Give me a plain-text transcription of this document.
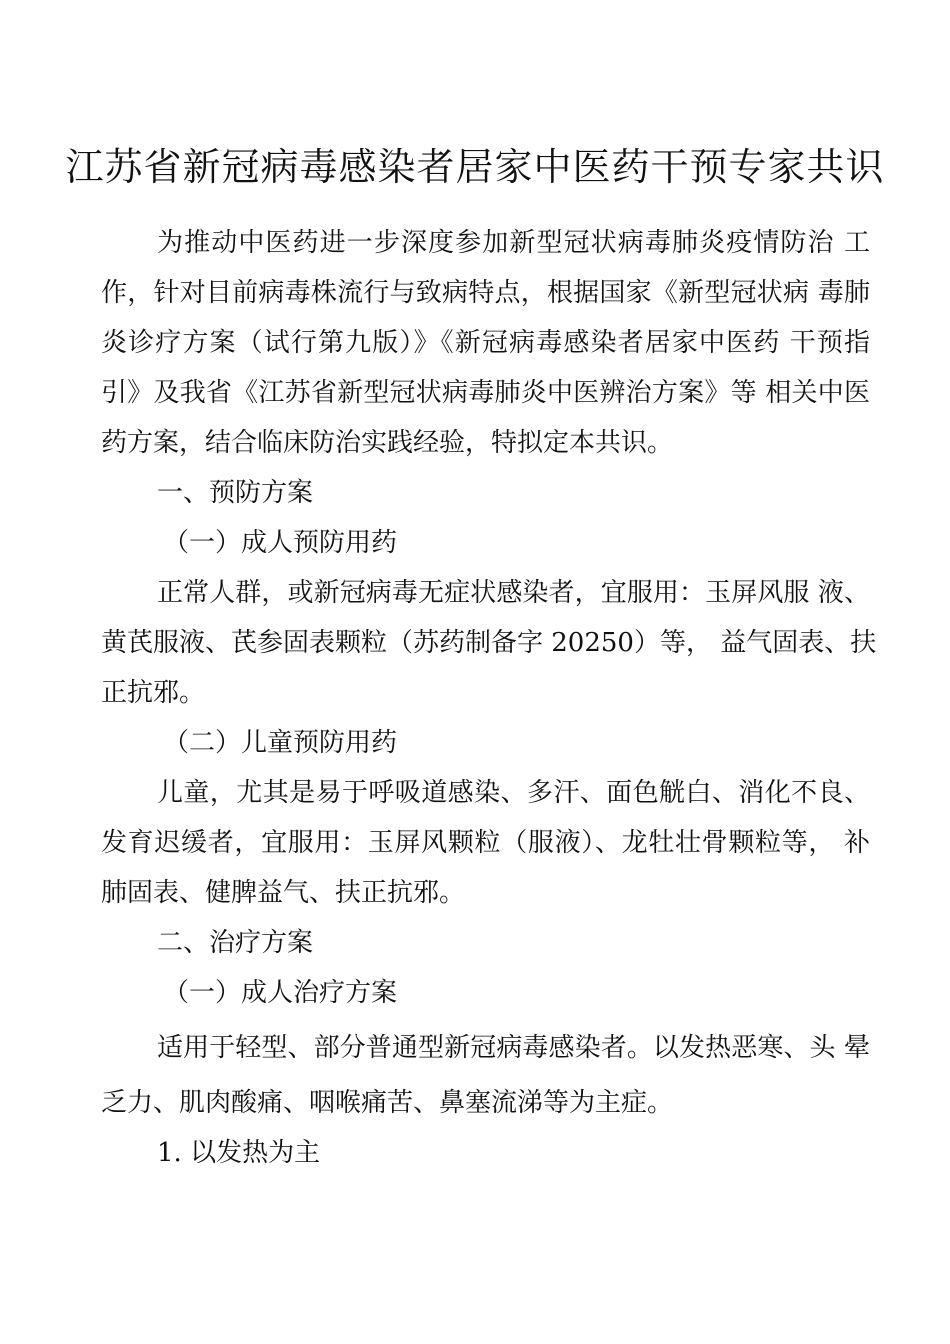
江苏省新冠病毒感染者居家中医药干预专家共识
为推动中医药进一步深度参加新型冠状病毒肺炎疫情防治 工
作，针对目前病毒株流行与致病特点，根据国家《新型冠状病 毒肺
炎诊疗方案（试行第九版）》《新冠病毒感染者居家中医药 干预指
引》及我省《江苏省新型冠状病毒肺炎中医辨治方案》等 相关中医
药方案，结合临床防治实践经验，特拟定本共识。
一、预防方案
（一）成人预防用药
正常人群，或新冠病毒无症状感染者，宜服用：玉屏风服 液、
黄芪服液、芪参固表颗粒（苏药制备字 20250）等， 益气固表、扶
正抗邪。
（二）儿童预防用药
儿童，尤其是易于呼吸道感染、多汗、面色觥白、消化不良、
发育迟缓者，宜服用：玉屏风颗粒（服液）、龙牡壮骨颗粒等， 补
肺固表、健脾益气、扶正抗邪。
二、治疗方案
（一）成人治疗方案
适用于轻型、部分普通型新冠病毒感染者。以发热恶寒、头 晕
乏力、肌肉酸痛、咽喉痛苦、鼻塞流涕等为主症。
1. 以发热为主
